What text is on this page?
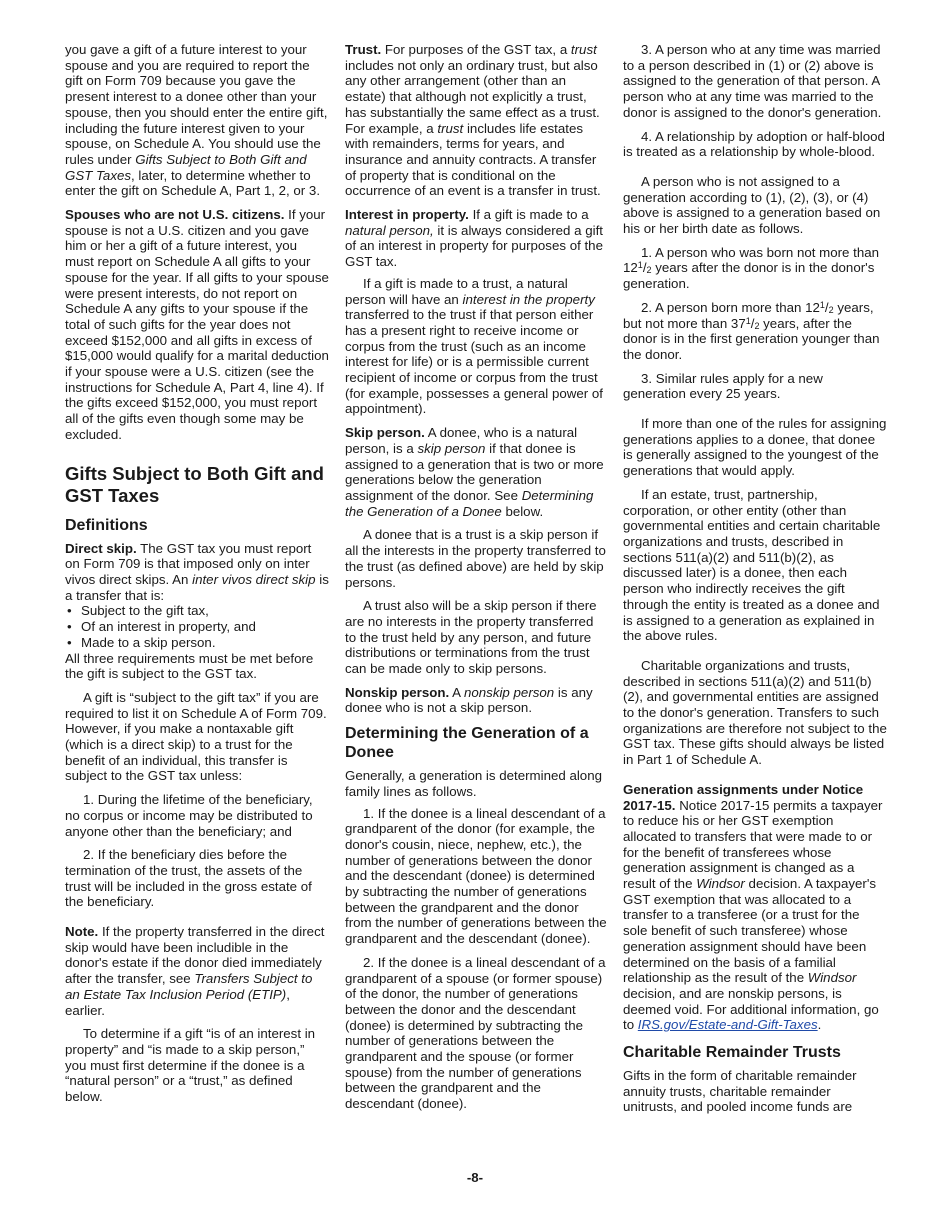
you gave a gift of a future interest to your spouse and you are required to report the gift on Form 709 because you gave the present interest to a donee other than your spouse, then you should enter the entire gift, including the future interest given to your spouse, on Schedule A. You should use the rules under Gifts Subject to Both Gift and GST Taxes, later, to determine whether to enter the gift on Schedule A, Part 1, 2, or 3.

Spouses who are not U.S. citizens. If your spouse is not a U.S. citizen and you gave him or her a gift of a future interest, you must report on Schedule A all gifts to your spouse for the year. If all gifts to your spouse were present interests, do not report on Schedule A any gifts to your spouse if the total of such gifts for the year does not exceed $152,000 and all gifts in excess of $15,000 would qualify for a marital deduction if your spouse were a U.S. citizen (see the instructions for Schedule A, Part 4, line 4). If the gifts exceed $152,000, you must report all of the gifts even though some may be excluded.

Gifts Subject to Both Gift and GST Taxes
Definitions

Direct skip. The GST tax you must report on Form 709 is that imposed only on inter vivos direct skips. An inter vivos direct skip is a transfer that is:

• Subject to the gift tax,
• Of an interest in property, and
• Made to a skip person.

All three requirements must be met before the gift is subject to the GST tax.

A gift is “subject to the gift tax” if you are required to list it on Schedule A of Form 709. However, if you make a nontaxable gift (which is a direct skip) to a trust for the benefit of an individual, this transfer is subject to the GST tax unless:

1. During the lifetime of the beneficiary, no corpus or income may be distributed to anyone other than the beneficiary; and

2. If the beneficiary dies before the termination of the trust, the assets of the trust will be included in the gross estate of the beneficiary.

Note. If the property transferred in the direct skip would have been includible in the donor's estate if the donor died immediately after the transfer, see Transfers Subject to an Estate Tax Inclusion Period (ETIP), earlier.

To determine if a gift “is of an interest in property” and “is made to a skip person,” you must first determine if the donee is a “natural person” or a “trust,” as defined below.

Trust. For purposes of the GST tax, a trust includes not only an ordinary trust, but also any other arrangement (other than an estate) that although not explicitly a trust, has substantially the same effect as a trust. For example, a trust includes life estates with remainders, terms for years, and insurance and annuity contracts. A transfer of property that is conditional on the occurrence of an event is a transfer in trust.

Interest in property. If a gift is made to a natural person, it is always considered a gift of an interest in property for purposes of the GST tax.

If a gift is made to a trust, a natural person will have an interest in the property transferred to the trust if that person either has a present right to receive income or corpus from the trust (such as an income interest for life) or is a permissible current recipient of income or corpus from the trust (for example, possesses a general power of appointment).

Skip person. A donee, who is a natural person, is a skip person if that donee is assigned to a generation that is two or more generations below the generation assignment of the donor. See Determining the Generation of a Donee below.

A donee that is a trust is a skip person if all the interests in the property transferred to the trust (as defined above) are held by skip persons.

A trust also will be a skip person if there are no interests in the property transferred to the trust held by any person, and future distributions or terminations from the trust can be made only to skip persons.

Nonskip person. A nonskip person is any donee who is not a skip person.

Determining the Generation of a Donee

Generally, a generation is determined along family lines as follows.

1. If the donee is a lineal descendant of a grandparent of the donor (for example, the donor's cousin, niece, nephew, etc.), the number of generations between the donor and the descendant (donee) is determined by subtracting the number of generations between the grandparent and the donor from the number of generations between the grandparent and the descendant (donee).

2. If the donee is a lineal descendant of a grandparent of a spouse (or former spouse) of the donor, the number of generations between the donor and the descendant (donee) is determined by subtracting the number of generations between the grandparent and the spouse (or former spouse) from the number of generations between the grandparent and the descendant (donee).

3. A person who at any time was married to a person described in (1) or (2) above is assigned to the generation of that person. A person who at any time was married to the donor is assigned to the donor's generation.

4. A relationship by adoption or half-blood is treated as a relationship by whole-blood.

A person who is not assigned to a generation according to (1), (2), (3), or (4) above is assigned to a generation based on his or her birth date as follows.

1. A person who was born not more than $12^1/_2$ years after the donor is in the donor's generation.

2. A person born more than $12^1/_2$ years, but not more than $37^1/_2$ years, after the donor is in the first generation younger than the donor.

3. Similar rules apply for a new generation every 25 years.

If more than one of the rules for assigning generations applies to a donee, that donee is generally assigned to the youngest of the generations that would apply.

If an estate, trust, partnership, corporation, or other entity (other than governmental entities and certain charitable organizations and trusts, described in sections 511(a)(2) and 511(b)(2), as discussed later) is a donee, then each person who indirectly receives the gift through the entity is treated as a donee and is assigned to a generation as explained in the above rules.

Charitable organizations and trusts, described in sections 511(a)(2) and 511(b)(2), and governmental entities are assigned to the donor's generation. Transfers to such organizations are therefore not subject to the GST tax. These gifts should always be listed in Part 1 of Schedule A.

Generation assignments under Notice 2017-15. Notice 2017-15 permits a taxpayer to reduce his or her GST exemption allocated to transfers that were made to or for the benefit of transferees whose generation assignment is changed as a result of the Windsor decision. A taxpayer's GST exemption that was allocated to a transfer to a transferee (or a trust for the sole benefit of such transferee) whose generation assignment should have been determined on the basis of a familial relationship as the result of the Windsor decision, and are nonskip persons, is deemed void. For additional information, go to IRS.gov/Estate-and-Gift-Taxes.

Charitable Remainder Trusts

Gifts in the form of charitable remainder annuity trusts, charitable remainder unitrusts, and pooled income funds are

-8-
